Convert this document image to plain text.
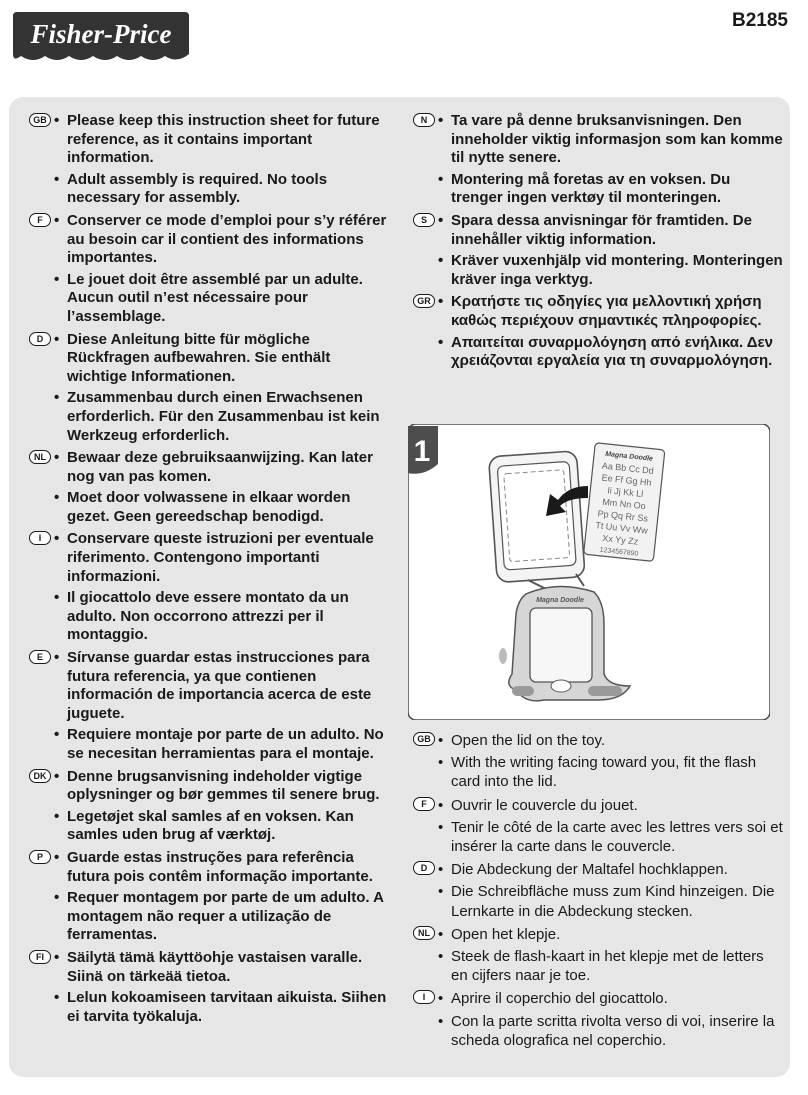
Fisher-Price	B2185
GB • Please keep this instruction sheet for future reference, as it contains important information.
• Adult assembly is required. No tools necessary for assembly.
F	• Conserver ce mode d’emploi pour s’y référer au besoin car il contient des informations importantes.
• Le jouet doit être assemblé par un adulte. Aucun outil n’est nécessaire pour l’assemblage.
D	• Diese Anleitung bitte für mögliche Rückfragen aufbewahren. Sie enthält wichtige Informationen.
• Zusammenbau durch einen Erwachsenen erforderlich. Für den Zusammenbau ist kein Werkzeug erforderlich.
NL	• Bewaar deze gebruiksaanwijzing. Kan later nog van pas komen.
• Moet door volwassene in elkaar worden gezet. Geen gereedschap benodigd.
I	• Conservare queste istruzioni per eventuale riferimento. Contengono importanti informazioni.
• Il giocattolo deve essere montato da un adulto. Non occorrono attrezzi per il montaggio.
E	• Sírvanse guardar estas instrucciones para futura referencia, ya que contienen información de importancia acerca de este juguete.
• Requiere montaje por parte de un adulto. No se necesitan herramientas para el montaje.
DK	• Denne brugsanvisning indeholder vigtige oplysninger og bør gemmes til senere brug.
• Legetøjet skal samles af en voksen. Kan samles uden brug af værktøj.
P	• Guarde estas instruções para referência futura pois contêm informação importante.
• Requer montagem por parte de um adulto. A montagem não requer a utilização de ferramentas.
FI	• Säilytä tämä käyttöohje vastaisen varalle. Siinä on tärkeää tietoa.
• Lelun kokoamiseen tarvitaan aikuista. Siihen ei tarvita työkaluja.
N	• Ta vare på denne bruksanvisningen. Den inneholder viktig informasjon som kan komme til nytte senere.
• Montering må foretas av en voksen. Du trenger ingen verktøy til monteringen.
S	• Spara dessa anvisningar för framtiden. De innehåller viktig information.
• Kräver vuxenhjälp vid montering. Monteringen kräver inga verktyg.
GR • Κρατήστε τις οδηγίες για μελλοντική χρήση καθώς περιέχουν σημαντικές πληροφορίες.
• Απαιτείται συναρμολόγηση από ενήλικα. Δεν χρειάζονται εργαλεία για τη συναρμολόγηση.
1	Magna Doodle
Aa Bb Cc Dd
Ee Ff Gg Hh
Ii Jj Kk Ll
Mm Nn Oo
Pp Qq Rr Ss
Tt Uu Vv Ww
Xx Yy Zz
1234567890
Magna Doodle
GB • Open the lid on the toy.
• With the writing facing toward you, fit the flash card into the lid.
F	• Ouvrir le couvercle du jouet.
• Tenir le côté de la carte avec les lettres vers soi et insérer la carte dans le couvercle.
D	• Die Abdeckung der Maltafel hochklappen.
• Die Schreibfläche muss zum Kind hinzeigen. Die Lernkarte in die Abdeckung stecken.
NL	• Open het klepje.
• Steek de flash-kaart in het klepje met de letters en cijfers naar je toe.
I	• Aprire il coperchio del giocattolo.
• Con la parte scritta rivolta verso di voi, inserire la scheda olografica nel coperchio.
